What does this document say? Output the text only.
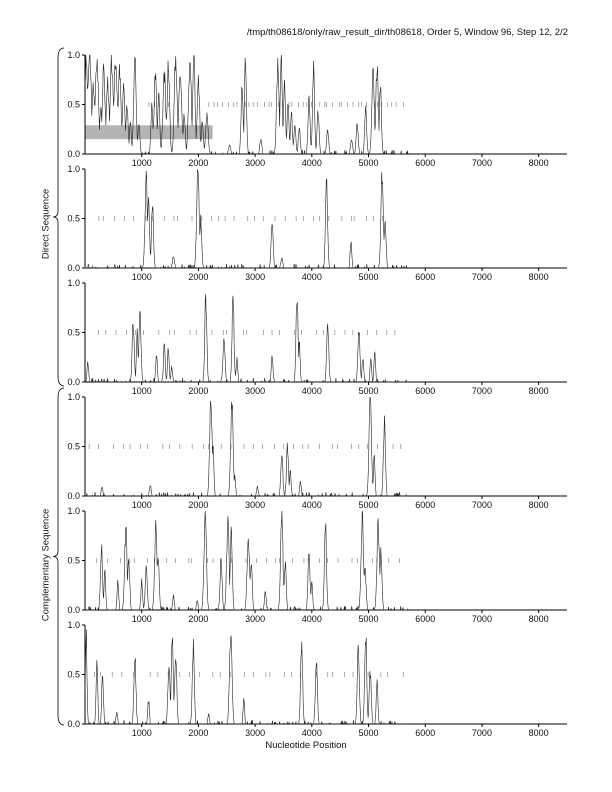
/tmp/th08618/only/raw_result_dir/th08618, Order 5, Window 96, Step 12, 2/2
0.0
0.5
1.0
1000	2000	3000	4000	5000	6000	7000	8000
0.0
0.5
1.0
1000	2000	3000	4000	5000	6000	7000	8000
0.0
0.5
1.0
1000	2000	3000	4000	5000	6000	7000	8000
0.0
0.5
1.0
1000	2000	3000	4000	5000	6000	7000	8000
0.0
0.5
1.0
1000	2000	3000	4000	5000	6000	7000	8000
0.0
0.5
1.0
1000	2000	3000	4000	5000	6000	7000	8000
Direct Sequence
Complementary Sequence
Nucleotide Position
